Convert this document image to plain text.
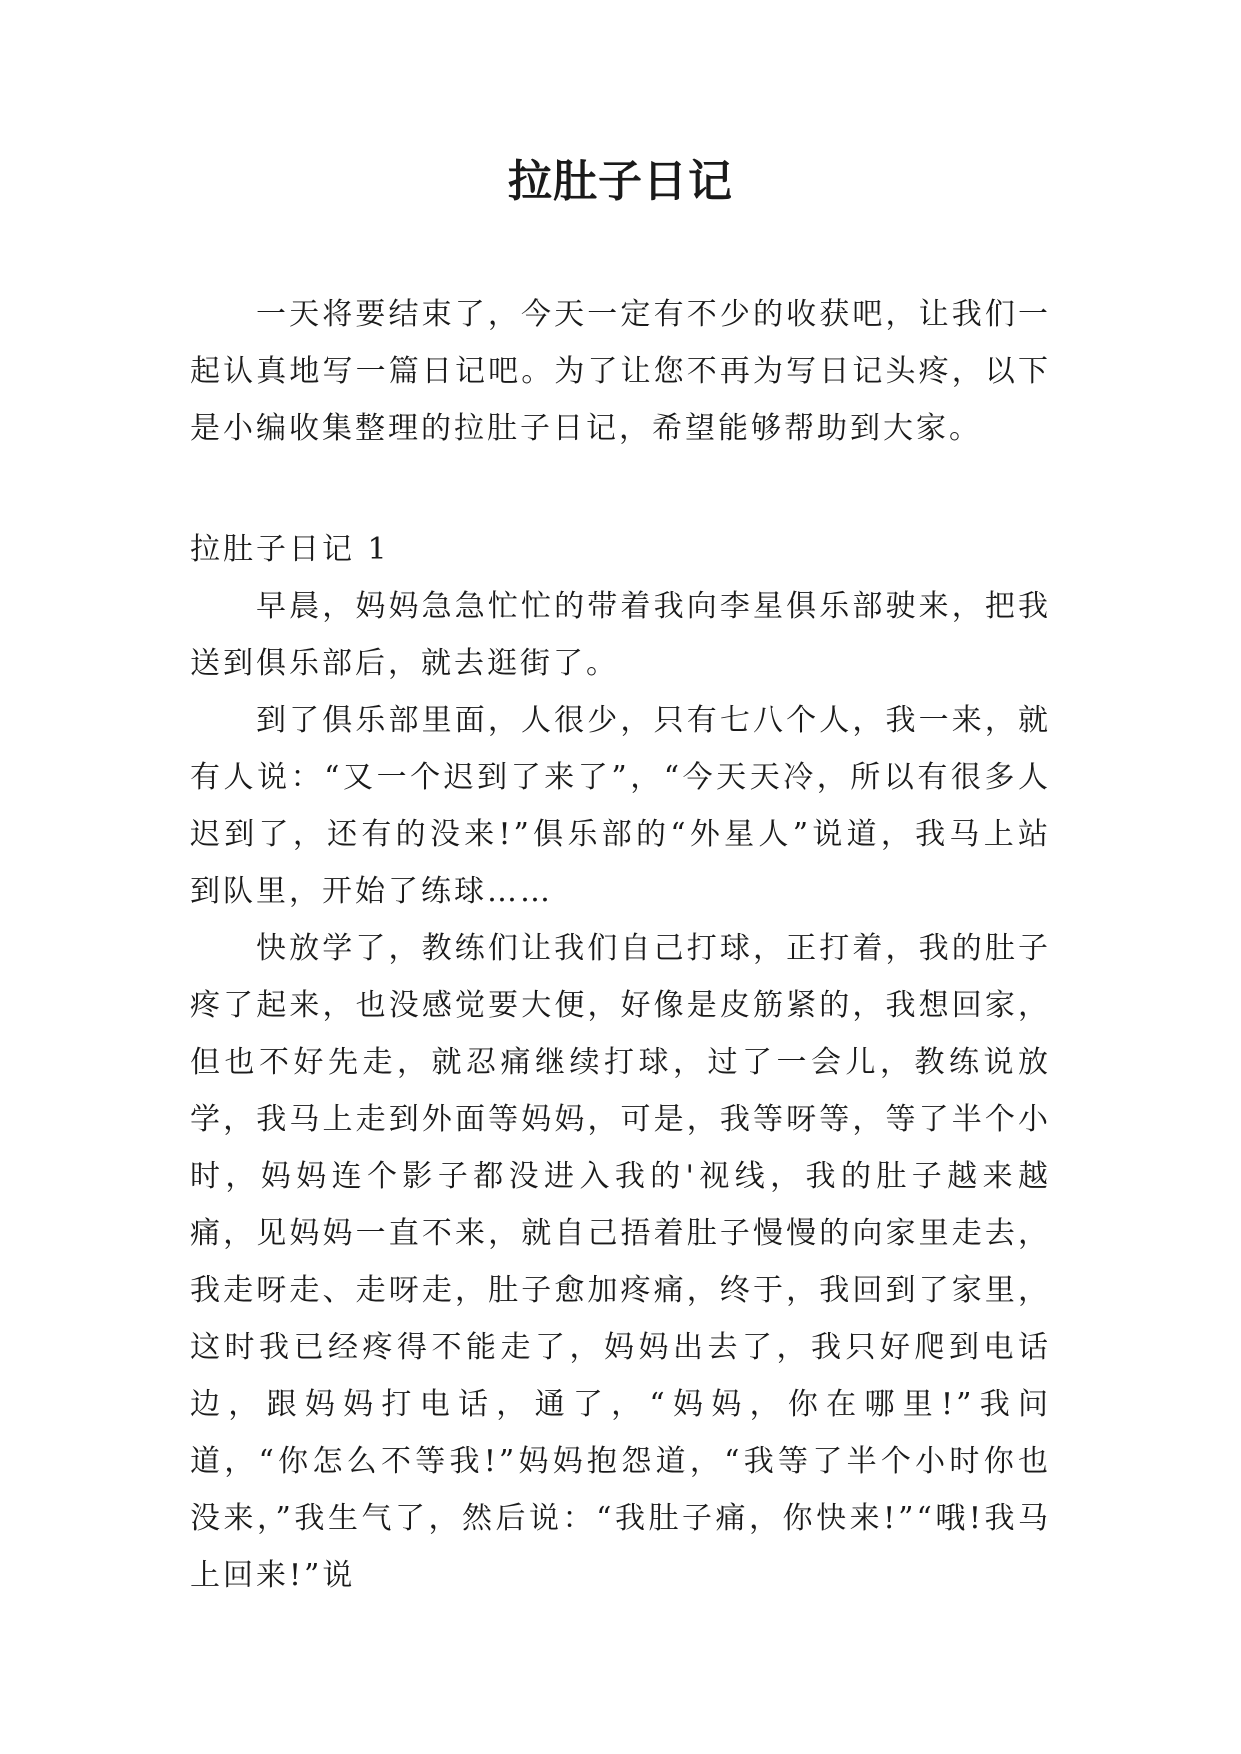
拉肚子日记

一天将要结束了，今天一定有不少的收获吧，让我们一起认真地写一篇日记吧。为了让您不再为写日记头疼，以下是小编收集整理的拉肚子日记，希望能够帮助到大家。

拉肚子日记 1

早晨，妈妈急急忙忙的带着我向李星俱乐部驶来，把我送到俱乐部后，就去逛街了。

到了俱乐部里面，人很少，只有七八个人，我一来，就有人说：“又一个迟到了来了”，“今天天冷，所以有很多人迟到了，还有的没来!”俱乐部的“外星人”说道，我马上站到队里，开始了练球……

快放学了，教练们让我们自己打球，正打着，我的肚子疼了起来，也没感觉要大便，好像是皮筋紧的，我想回家，但也不好先走，就忍痛继续打球，过了一会儿，教练说放学，我马上走到外面等妈妈，可是，我等呀等，等了半个小时，妈妈连个影子都没进入我的'视线，我的肚子越来越痛，见妈妈一直不来，就自己捂着肚子慢慢的向家里走去，我走呀走、走呀走，肚子愈加疼痛，终于，我回到了家里，这时我已经疼得不能走了，妈妈出去了，我只好爬到电话边，跟妈妈打电话，通了，“妈妈，你在哪里!”我问道，“你怎么不等我!”妈妈抱怨道，“我等了半个小时你也没来，”我生气了，然后说：“我肚子痛，你快来!”“哦!我马上回来!”说
